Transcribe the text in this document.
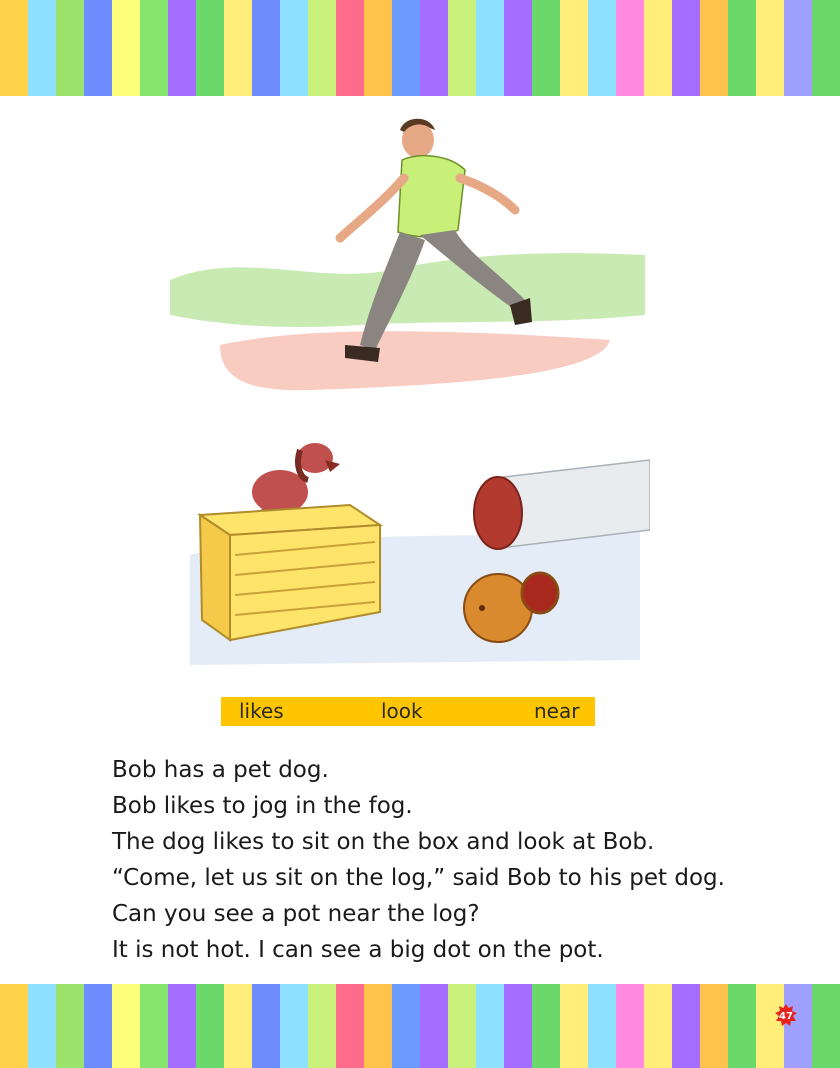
likes	look	near
Bob has a pet dog.
Bob likes to jog in the fog.
The dog likes to sit on the box and look at Bob.
“Come, let us sit on the log,” said Bob to his pet dog.
Can you see a pot near the log?
It is not hot. I can see a big dot on the pot.
47
